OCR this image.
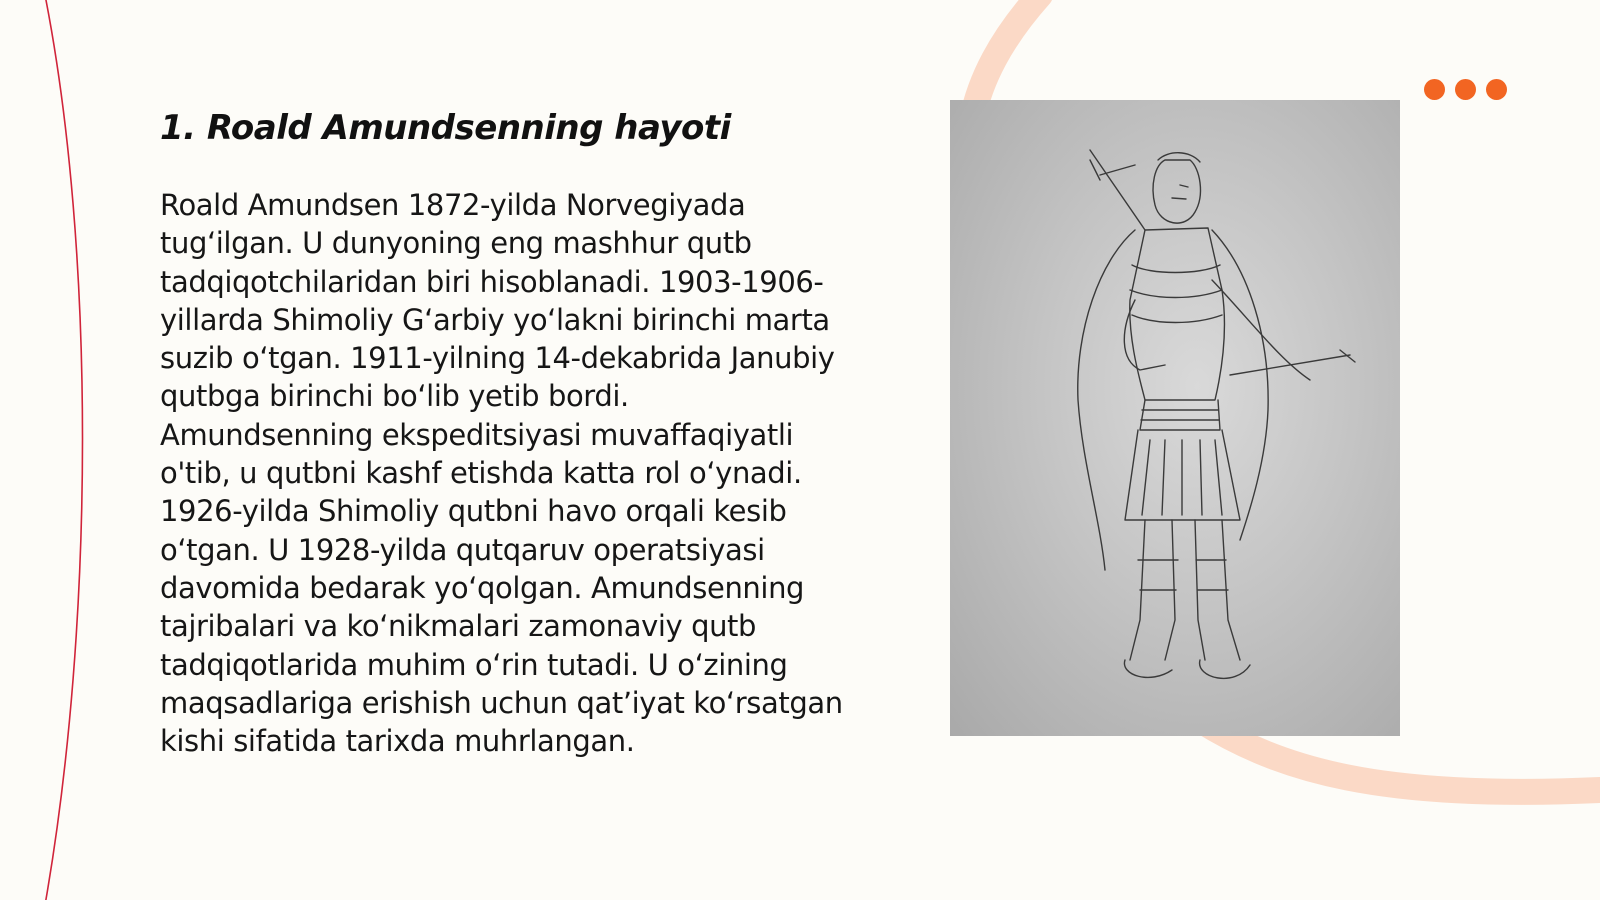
1. Roald Amundsenning hayoti

Roald Amundsen 1872-yilda Norvegiyada tugʻilgan. U dunyoning eng mashhur qutb tadqiqotchilaridan biri hisoblanadi. 1903-1906-yillarda Shimoliy Gʻarbiy yoʻlakni birinchi marta suzib oʻtgan. 1911-yilning 14-dekabrida Janubiy qutbga birinchi boʻlib yetib bordi. Amundsenning ekspeditsiyasi muvaffaqiyatli o'tib, u qutbni kashf etishda katta rol oʻynadi. 1926-yilda Shimoliy qutbni havo orqali kesib oʻtgan. U 1928-yilda qutqaruv operatsiyasi davomida bedarak yoʻqolgan. Amundsenning tajribalari va koʻnikmalari zamonaviy qutb tadqiqotlarida muhim oʻrin tutadi. U oʻzining maqsadlariga erishish uchun qatʼiyat koʻrsatgan kishi sifatida tarixda muhrlangan.
